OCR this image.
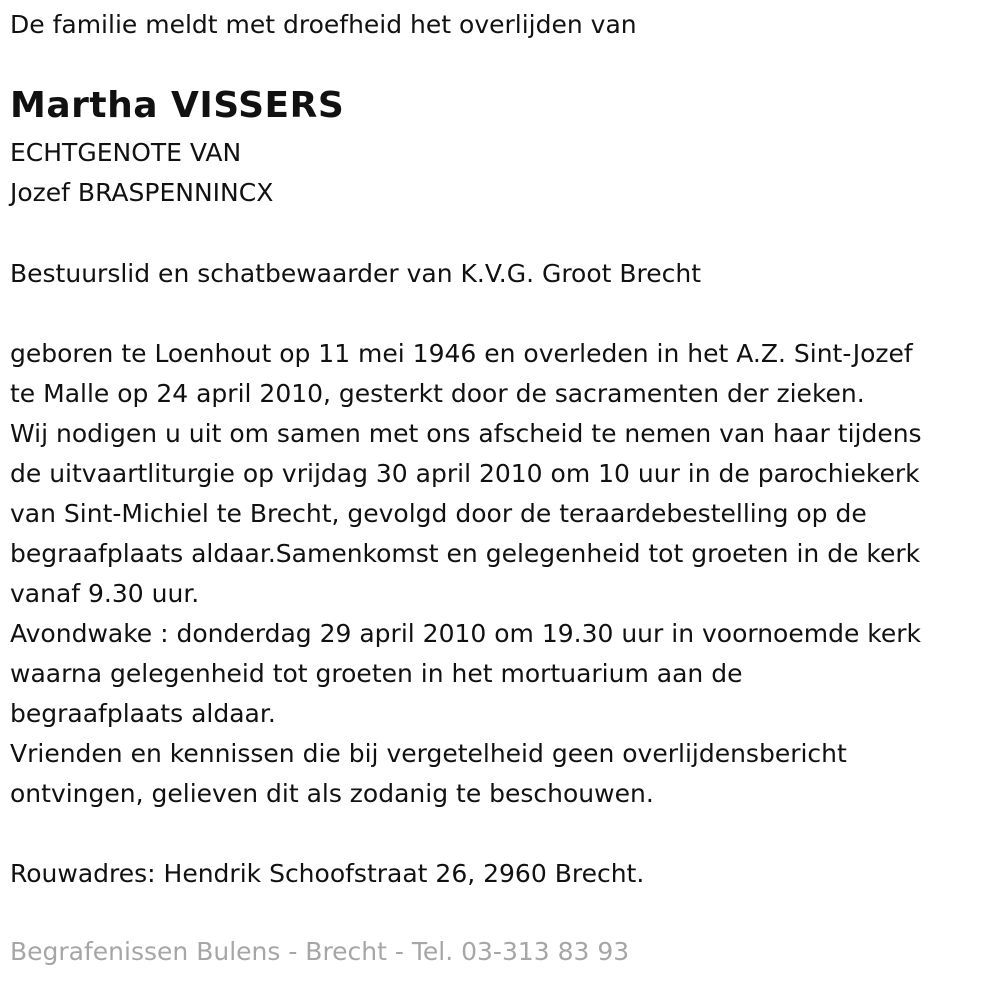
De familie meldt met droefheid het overlijden van
Martha VISSERS
ECHTGENOTE VAN
Jozef BRASPENNINCX
Bestuurslid en schatbewaarder van K.V.G. Groot Brecht
geboren te Loenhout op 11 mei 1946 en overleden in het A.Z. Sint-Jozef
te Malle op 24 april 2010, gesterkt door de sacramenten der zieken.
Wij nodigen u uit om samen met ons afscheid te nemen van haar tijdens
de uitvaartliturgie op vrijdag 30 april 2010 om 10 uur in de parochiekerk
van Sint-Michiel te Brecht, gevolgd door de teraardebestelling op de
begraafplaats aldaar.Samenkomst en gelegenheid tot groeten in de kerk
vanaf 9.30 uur.
Avondwake : donderdag 29 april 2010 om 19.30 uur in voornoemde kerk
waarna gelegenheid tot groeten in het mortuarium aan de
begraafplaats aldaar.
Vrienden en kennissen die bij vergetelheid geen overlijdensbericht
ontvingen, gelieven dit als zodanig te beschouwen.
Rouwadres: Hendrik Schoofstraat 26, 2960 Brecht.
Begrafenissen Bulens - Brecht - Tel. 03-313 83 93
